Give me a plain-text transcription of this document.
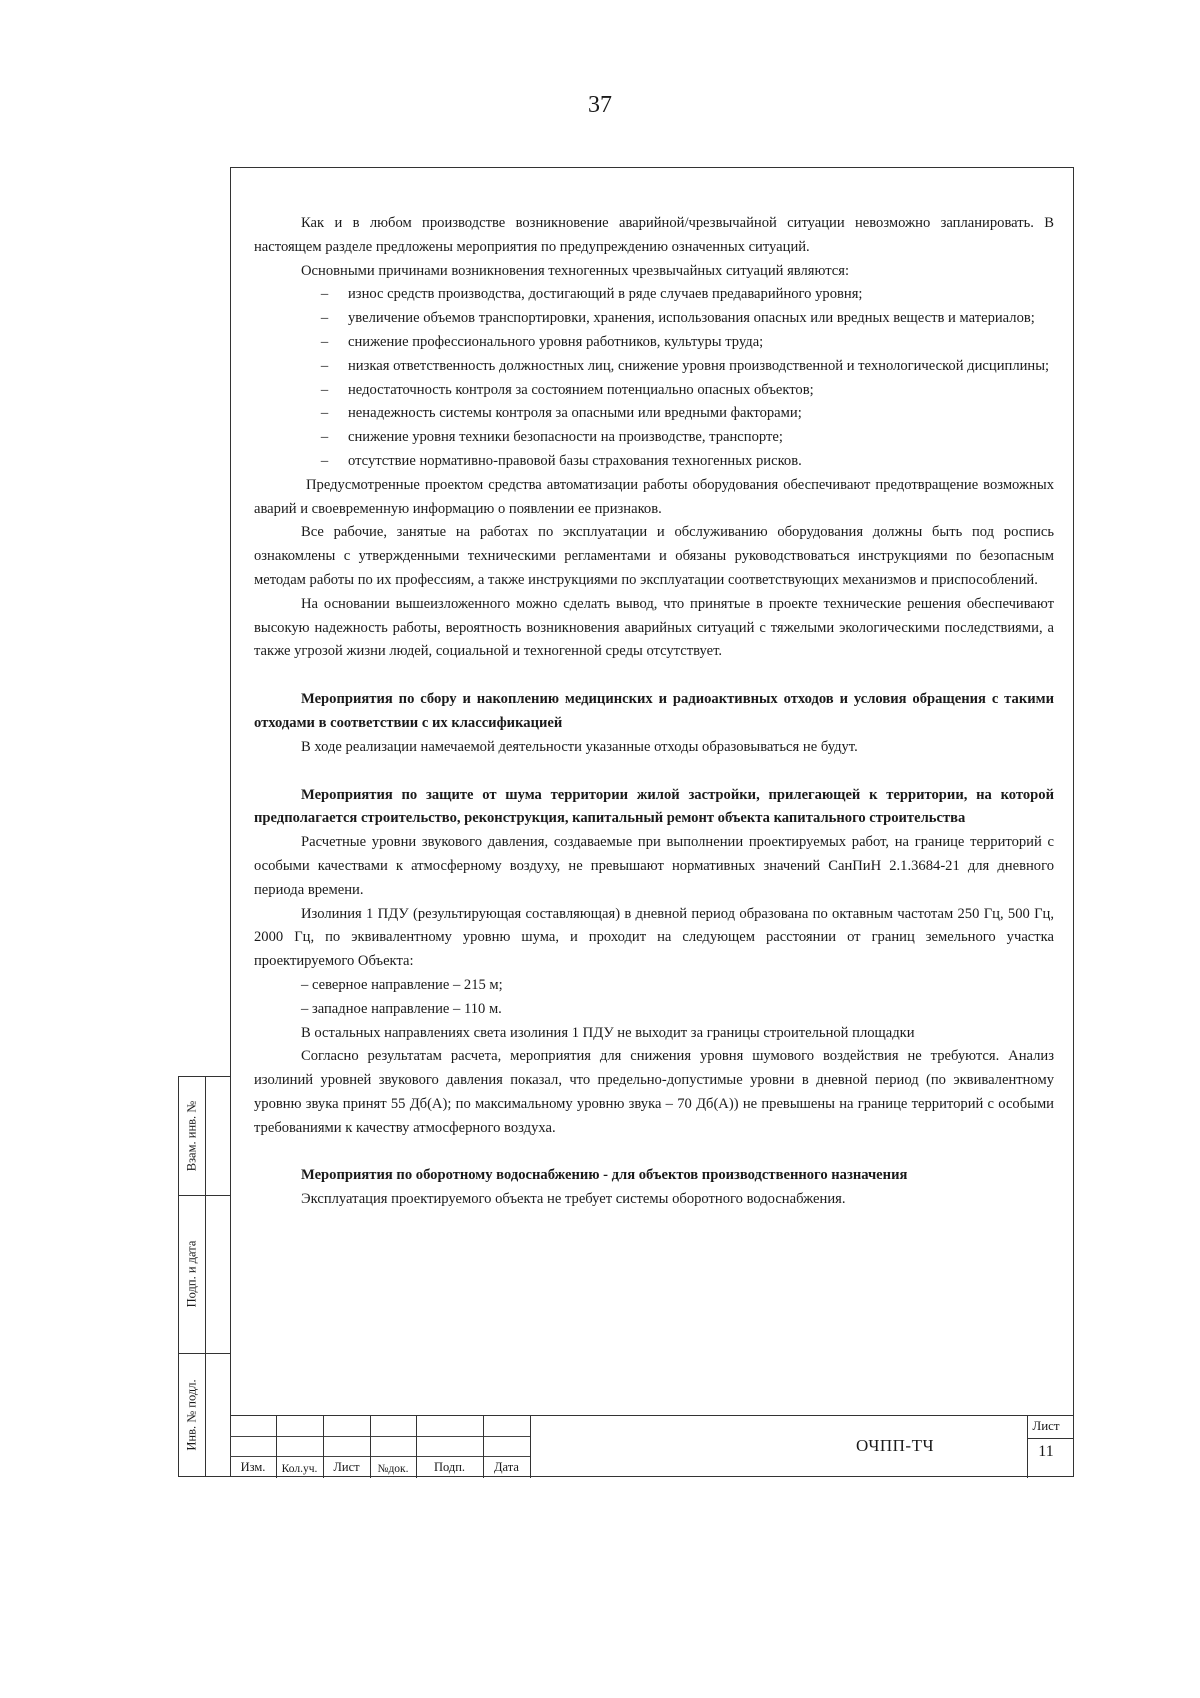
37

Как и в любом производстве возникновение аварийной/чрезвычайной ситуации невозможно запланировать. В настоящем разделе предложены мероприятия по предупреждению означенных ситуаций.

Основными причинами возникновения техногенных чрезвычайных ситуаций являются:

– износ средств производства, достигающий в ряде случаев предаварийного уровня;

– увеличение объемов транспортировки, хранения, использования опасных или вредных веществ и материалов;

– снижение профессионального уровня работников, культуры труда;

– низкая ответственность должностных лиц, снижение уровня производственной и технологической дисциплины;

– недостаточность контроля за состоянием потенциально опасных объектов;

– ненадежность системы контроля за опасными или вредными факторами;

– снижение уровня техники безопасности на производстве, транспорте;

– отсутствие нормативно-правовой базы страхования техногенных рисков.

Предусмотренные проектом средства автоматизации работы оборудования обеспечивают предотвращение возможных аварий и своевременную информацию о появлении ее признаков.

Все рабочие, занятые на работах по эксплуатации и обслуживанию оборудования должны быть под роспись ознакомлены с утвержденными техническими регламентами и обязаны руководствоваться инструкциями по безопасным методам работы по их профессиям, а также инструкциями по эксплуатации соответствующих механизмов и приспособлений.

На основании вышеизложенного можно сделать вывод, что принятые в проекте технические решения обеспечивают высокую надежность работы, вероятность возникновения аварийных ситуаций с тяжелыми экологическими последствиями, а также угрозой жизни людей, социальной и техногенной среды отсутствует.

Мероприятия по сбору и накоплению медицинских и радиоактивных отходов и условия обращения с такими отходами в соответствии с их классификацией

В ходе реализации намечаемой деятельности указанные отходы образовываться не будут.

Мероприятия по защите от шума территории жилой застройки, прилегающей к территории, на которой предполагается строительство, реконструкция, капитальный ремонт объекта капитального строительства

Расчетные уровни звукового давления, создаваемые при выполнении проектируемых работ, на границе территорий с особыми качествами к атмосферному воздуху, не превышают нормативных значений СанПиН 2.1.3684-21 для дневного периода времени.

Изолиния 1 ПДУ (результирующая составляющая) в дневной период образована по октавным частотам 250 Гц, 500 Гц, 2000 Гц, по эквивалентному уровню шума, и проходит на следующем расстоянии от границ земельного участка проектируемого Объекта:

– северное направление – 215 м;

– западное направление – 110 м.

В остальных направлениях света изолиния 1 ПДУ не выходит за границы строительной площадки

Согласно результатам расчета, мероприятия для снижения уровня шумового воздействия не требуются. Анализ изолиний уровней звукового давления показал, что предельно-допустимые уровни в дневной период (по эквивалентному уровню звука принят 55 Дб(А); по максимальному уровню звука – 70 Дб(А)) не превышены на границе территорий с особыми требованиями к качеству атмосферного воздуха.

Мероприятия по оборотному водоснабжению - для объектов производственного назначения

Эксплуатация проектируемого объекта не требует системы оборотного водоснабжения.

Взам. инв. №
Подп. и дата
Инв. № подл.
Изм.	Кол.уч.	Лист	№док.	Подп.	Дата
ОЧПП-ТЧ
Лист
11
